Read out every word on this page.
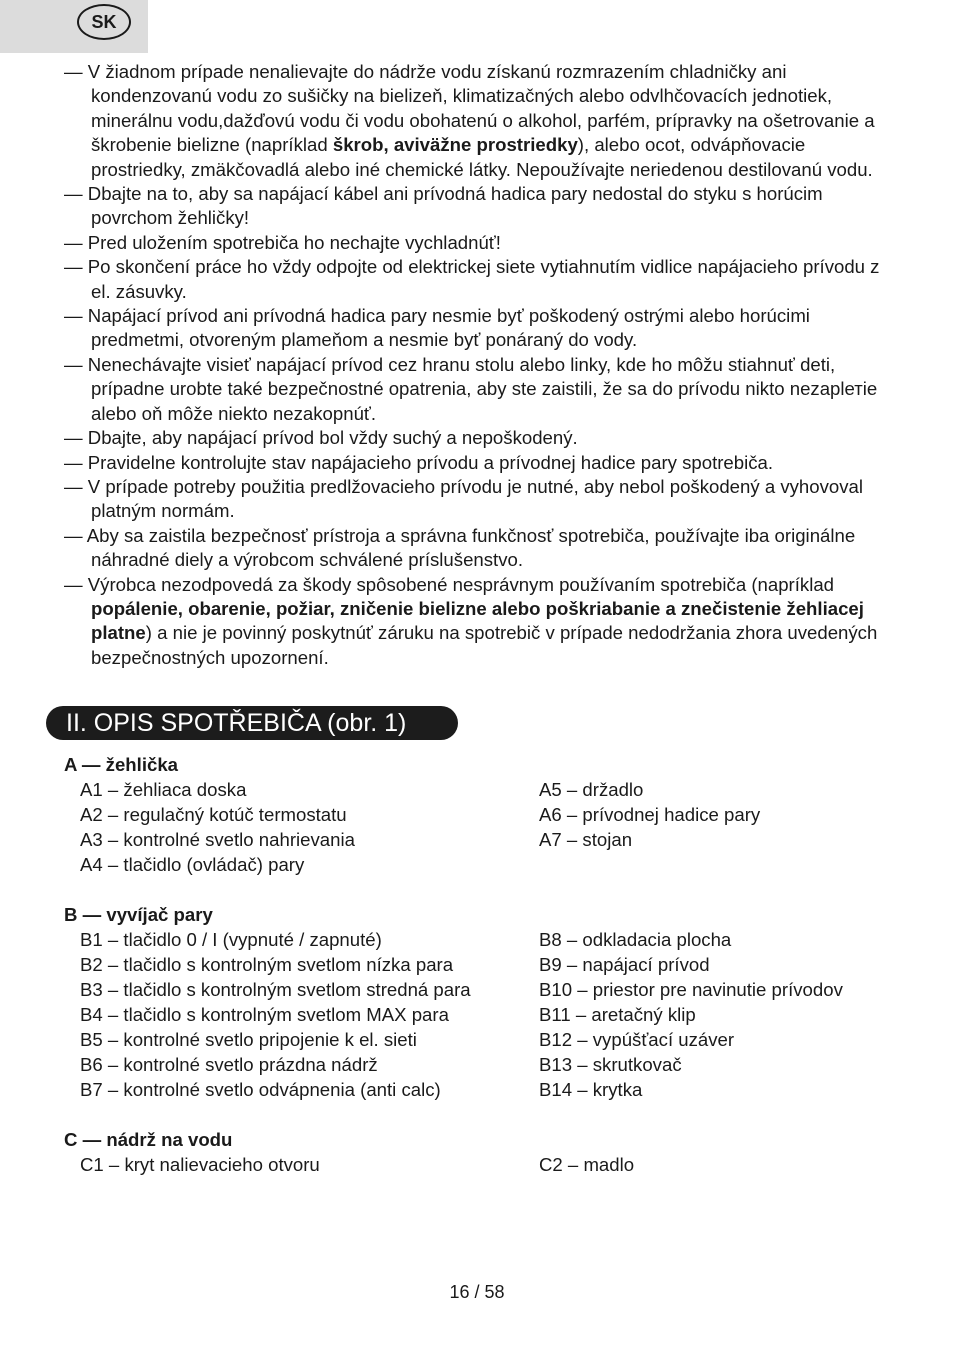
SK
— V žiadnom prípade nenalievajte do nádrže vodu získanú rozmrazením chladničky ani kondenzovanú vodu zo sušičky na bielizeň, klimatizačných alebo odvlhčovacích jednotiek, minerálnu vodu,dažďovú vodu či vodu obohatenú o alkohol, parfém, prípravky na ošetrovanie a škrobenie bielizne (napríklad škrob, aviväžne prostriedky), alebo ocot, odvápňovacie prostriedky, zmäkčovadlá alebo iné chemické látky. Nepoužívajte neriedenou destilovanú vodu.
— Dbajte na to, aby sa napájací kábel ani prívodná hadica pary nedostal do styku s horúcim povrchom žehličky!
— Pred uložením spotrebiča ho nechajte vychladnúť!
— Po skončení práce ho vždy odpojte od elektrickej siete vytiahnutím vidlice napájacieho prívodu z el. zásuvky.
— Napájací prívod ani prívodná hadica pary nesmie byť poškodený ostrými alebo horúcimi predmetmi, otvoreným plameňom a nesmie byť ponáraný do vody.
— Nenechávajte visieť napájací prívod cez hranu stolu alebo linky, kde ho môžu stiahnuť deti, prípadne urobte také bezpečnostné opatrenia, aby ste zaistili, že sa do prívodu nikto nezaplетie alebo oň môže niekto nezakopnúť.
— Dbajte, aby napájací prívod bol vždy suchý a nepoškodený.
— Pravidelne kontrolujte stav napájacieho prívodu a prívodnej hadice pary spotrebiča.
— V prípade potreby použitia predlžovacieho prívodu je nutné, aby nebol poškodený a vyhovoval platným normám.
— Aby sa zaistila bezpečnosť prístroja a správna funkčnosť spotrebiča, používajte iba originálne náhradné diely a výrobcom schválené príslušenstvo.
— Výrobca nezodpovedá za škody spôsobené nesprávnym používaním spotrebiča (napríklad popálenie, obarenie, požiar, zničenie bielizne alebo poškriabanie a znečistenie žehliacej platne) a nie je povinný poskytnúť záruku na spotrebič v prípade nedodržania zhora uvedených bezpečnostných upozornení.
II. OPIS SPOTŘEBIČA (obr. 1)
A — žehlička
A1 – žehliaca doska
A2 – regulačný kotúč termostatu
A3 – kontrolné svetlo nahrievania
A4 – tlačidlo (ovládač) pary
A5 – držadlo
A6 – prívodnej hadice pary
A7 – stojan
B — vyvíjač pary
B1 – tlačidlo 0 / I (vypnuté / zapnuté)
B2 – tlačidlo s kontrolným svetlom nízka para
B3 – tlačidlo s kontrolným svetlom stredná para
B4 – tlačidlo s kontrolným svetlom MAX para
B5 – kontrolné svetlo pripojenie k el. sieti
B6 – kontrolné svetlo prázdna nádrž
B7 – kontrolné svetlo odvápnenia (anti calc)
B8 – odkladacia plocha
B9 – napájací prívod
B10 – priestor pre navinutie prívodov
B11 – aretačný klip
B12 – vypúšťací uzáver
B13 – skrutkovač
B14 – krytka
C — nádrž na vodu
C1 – kryt nalievacieho otvoru	C2 – madlo
16 / 58
